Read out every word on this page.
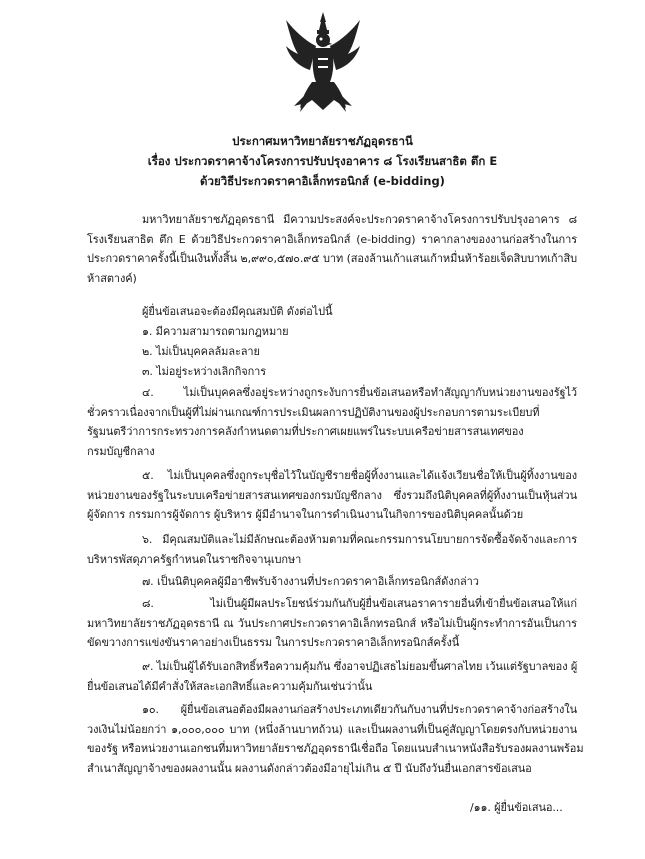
ประกาศมหาวิทยาลัยราชภัฏอุดรธานี
เรื่อง ประกวดราคาจ้างโครงการปรับปรุงอาคาร ๘ โรงเรียนสาธิต ตึก E
ด้วยวิธีประกวดราคาอิเล็กทรอนิกส์ (e-bidding)
มหาวิทยาลัยราชภัฏอุดรธานี มีความประสงค์จะประกวดราคาจ้างโครงการปรับปรุงอาคาร ๘
โรงเรียนสาธิต ตึก E ด้วยวิธีประกวดราคาอิเล็กทรอนิกส์ (e-bidding) ราคากลางของงานก่อสร้างในการ
ประกวดราคาครั้งนี้เป็นเงินทั้งสิ้น ๒,๙๙๐,๕๗๐.๙๕ บาท (สองล้านเก้าแสนเก้าหมื่นห้าร้อยเจ็ดสิบบาทเก้าสิบ
ห้าสตางค์)
ผู้ยื่นข้อเสนอจะต้องมีคุณสมบัติ ดังต่อไปนี้
๑. มีความสามารถตามกฎหมาย
๒. ไม่เป็นบุคคลล้มละลาย
๓. ไม่อยู่ระหว่างเลิกกิจการ
๔. ไม่เป็นบุคคลซึ่งอยู่ระหว่างถูกระงับการยื่นข้อเสนอหรือทำสัญญากับหน่วยงานของรัฐไว้
ชั่วคราวเนื่องจากเป็นผู้ที่ไม่ผ่านเกณฑ์การประเมินผลการปฏิบัติงานของผู้ประกอบการตามระเบียบที่
รัฐมนตรีว่าการกระทรวงการคลังกำหนดตามที่ประกาศเผยแพร่ในระบบเครือข่ายสารสนเทศของ
กรมบัญชีกลาง
๕. ไม่เป็นบุคคลซึ่งถูกระบุชื่อไว้ในบัญชีรายชื่อผู้ทิ้งงานและได้แจ้งเวียนชื่อให้เป็นผู้ทิ้งงานของ
หน่วยงานของรัฐในระบบเครือข่ายสารสนเทศของกรมบัญชีกลาง ซึ่งรวมถึงนิติบุคคลที่ผู้ทิ้งงานเป็นหุ้นส่วน
ผู้จัดการ กรรมการผู้จัดการ ผู้บริหาร ผู้มีอำนาจในการดำเนินงานในกิจการของนิติบุคคลนั้นด้วย
๖. มีคุณสมบัติและไม่มีลักษณะต้องห้ามตามที่คณะกรรมการนโยบายการจัดซื้อจัดจ้างและการ
บริหารพัสดุภาครัฐกำหนดในราชกิจจานุเบกษา
๗. เป็นนิติบุคคลผู้มีอาชีพรับจ้างงานที่ประกวดราคาอิเล็กทรอนิกส์ดังกล่าว
๘. ไม่เป็นผู้มีผลประโยชน์ร่วมกันกับผู้ยื่นข้อเสนอราคารายอื่นที่เข้ายื่นข้อเสนอให้แก่
มหาวิทยาลัยราชภัฏอุดรธานี ณ วันประกาศประกวดราคาอิเล็กทรอนิกส์ หรือไม่เป็นผู้กระทำการอันเป็นการ
ขัดขวางการแข่งขันราคาอย่างเป็นธรรม ในการประกวดราคาอิเล็กทรอนิกส์ครั้งนี้
๙. ไม่เป็นผู้ได้รับเอกสิทธิ์หรือความคุ้มกัน ซึ่งอาจปฏิเสธไม่ยอมขึ้นศาลไทย เว้นแต่รัฐบาลของ ผู้
ยื่นข้อเสนอได้มีคำสั่งให้สละเอกสิทธิ์และความคุ้มกันเช่นว่านั้น
๑๐. ผู้ยื่นข้อเสนอต้องมีผลงานก่อสร้างประเภทเดียวกันกับงานที่ประกวดราคาจ้างก่อสร้างใน
วงเงินไม่น้อยกว่า ๑,๐๐๐,๐๐๐ บาท (หนึ่งล้านบาทถ้วน) และเป็นผลงานที่เป็นคู่สัญญาโดยตรงกับหน่วยงาน
ของรัฐ หรือหน่วยงานเอกชนที่มหาวิทยาลัยราชภัฏอุดรธานีเชื่อถือ โดยแนบสำเนาหนังสือรับรองผลงานพร้อม
สำเนาสัญญาจ้างของผลงานนั้น ผลงานดังกล่าวต้องมีอายุไม่เกิน ๕ ปี นับถึงวันยื่นเอกสารข้อเสนอ
/๑๑. ผู้ยื่นข้อเสนอ...
